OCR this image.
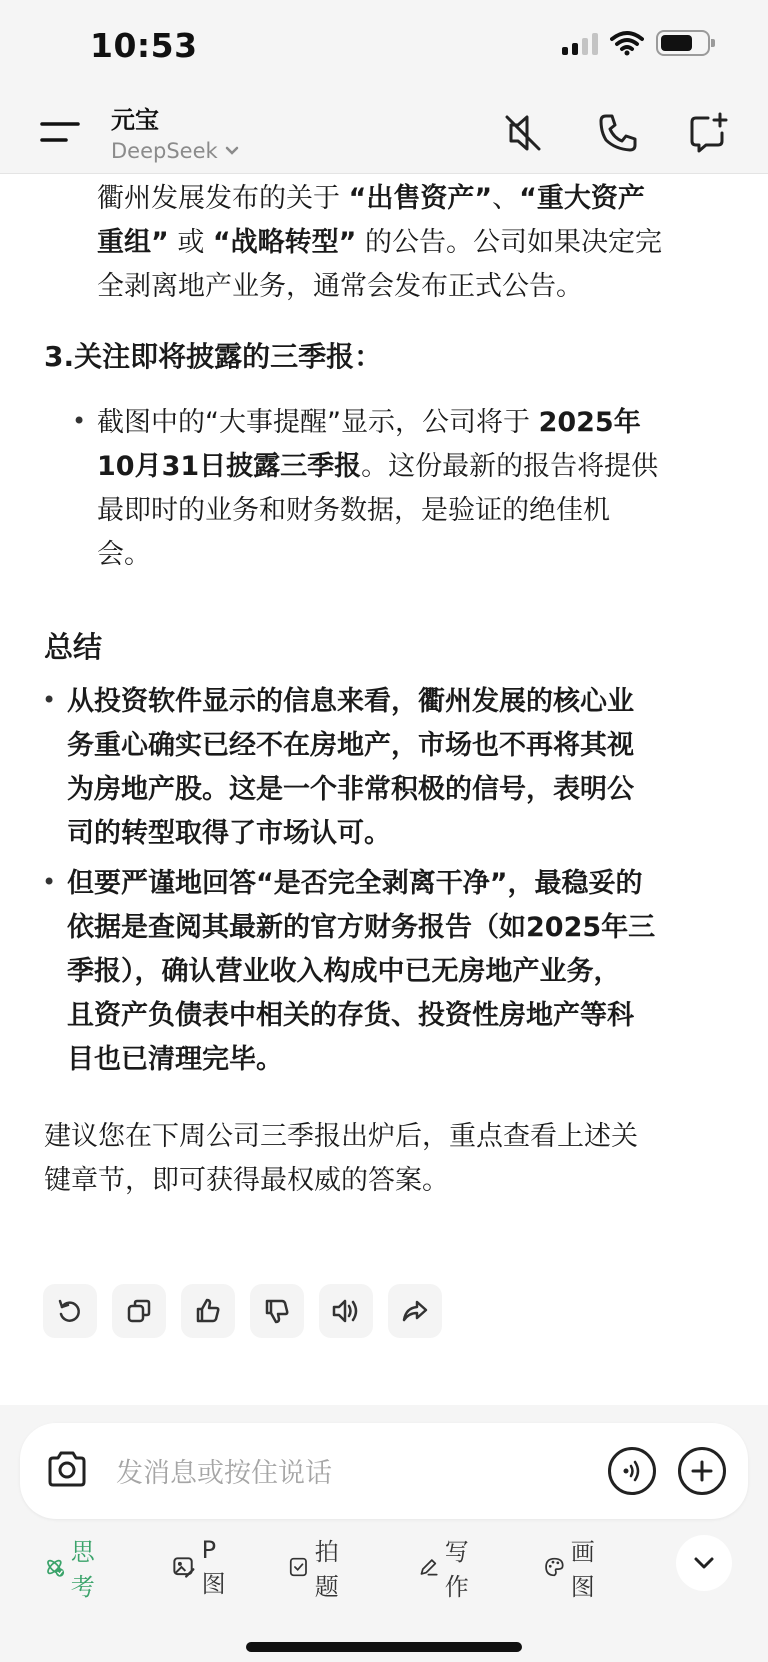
10:53
元宝
DeepSeek
衢州发展发布的关于 “出售资产”、“重大资产
重组” 或 “战略转型” 的公告。公司如果决定完
全剥离地产业务，通常会发布正式公告。
3.关注即将披露的三季报：
• 截图中的“大事提醒”显示，公司将于 2025年
10月31日披露三季报。这份最新的报告将提供
最即时的业务和财务数据，是验证的绝佳机
会。
总结
• 从投资软件显示的信息来看，衢州发展的核心业
务重心确实已经不在房地产，市场也不再将其视
为房地产股。这是一个非常积极的信号，表明公
司的转型取得了市场认可。
• 但要严谨地回答“是否完全剥离干净”，最稳妥的
依据是查阅其最新的官方财务报告（如2025年三
季报），确认营业收入构成中已无房地产业务，
且资产负债表中相关的存货、投资性房地产等科
目也已清理完毕。
建议您在下周公司三季报出炉后，重点查看上述关
键章节，即可获得最权威的答案。
发消息或按住说话
思考
P图
拍题
写作
画图
